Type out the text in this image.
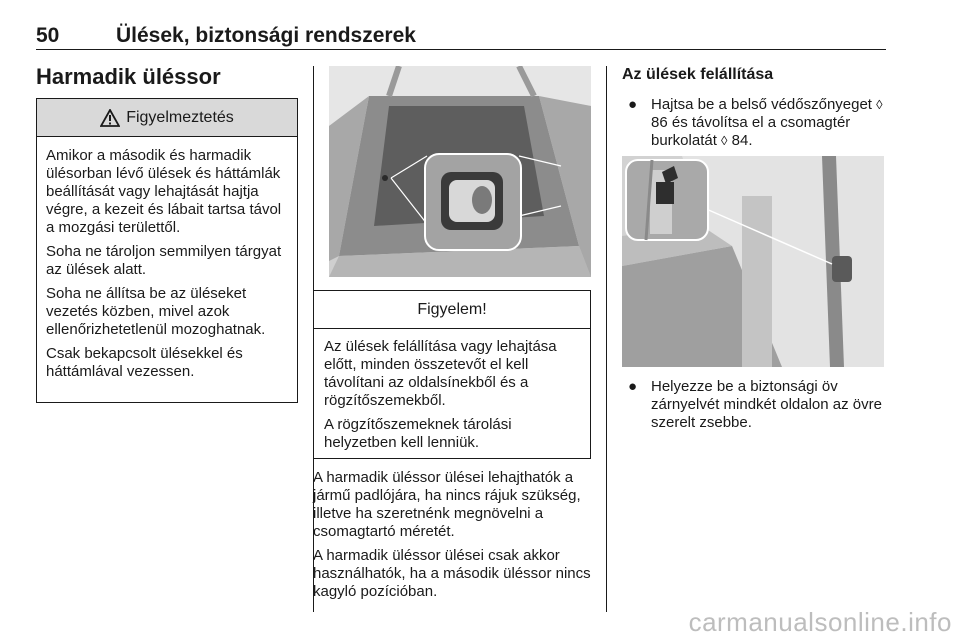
50	Ülések, biztonsági rendszerek
Harmadik üléssor
Figyelmeztetés

Amikor a második és harmadik ülésorban lévő ülések és háttámlák beállítását vagy lehajtását hajtja végre, a kezeit és lábait tartsa távol a mozgási területtől.

Soha ne tároljon semmilyen tárgyat az ülések alatt.

Soha ne állítsa be az üléseket vezetés közben, mivel azok ellenőrizhetetlenül mozoghatnak.

Csak bekapcsolt ülésekkel és háttámlával vezessen.

Figyelem!

Az ülések felállítása vagy lehajtása előtt, minden összetevőt el kell távolítani az oldalsínekből és a rögzítőszemekből.

A rögzítőszemeknek tárolási helyzetben kell lenniük.

A harmadik üléssor ülései lehajthatók a jármű padlójára, ha nincs rájuk szükség, illetve ha szeretnénk megnövelni a csomagtartó méretét.

A harmadik üléssor ülései csak akkor használhatók, ha a második üléssor nincs kagyló pozícióban.

Az ülések felállítása
● Hajtsa be a belső védőszőnyeget ◊ 86 és távolítsa el a csomagtér burkolatát ◊ 84.
● Helyezze be a biztonsági öv zárnyelvét mindkét oldalon az övre szerelt zsebbe.
carmanualsonline.info
